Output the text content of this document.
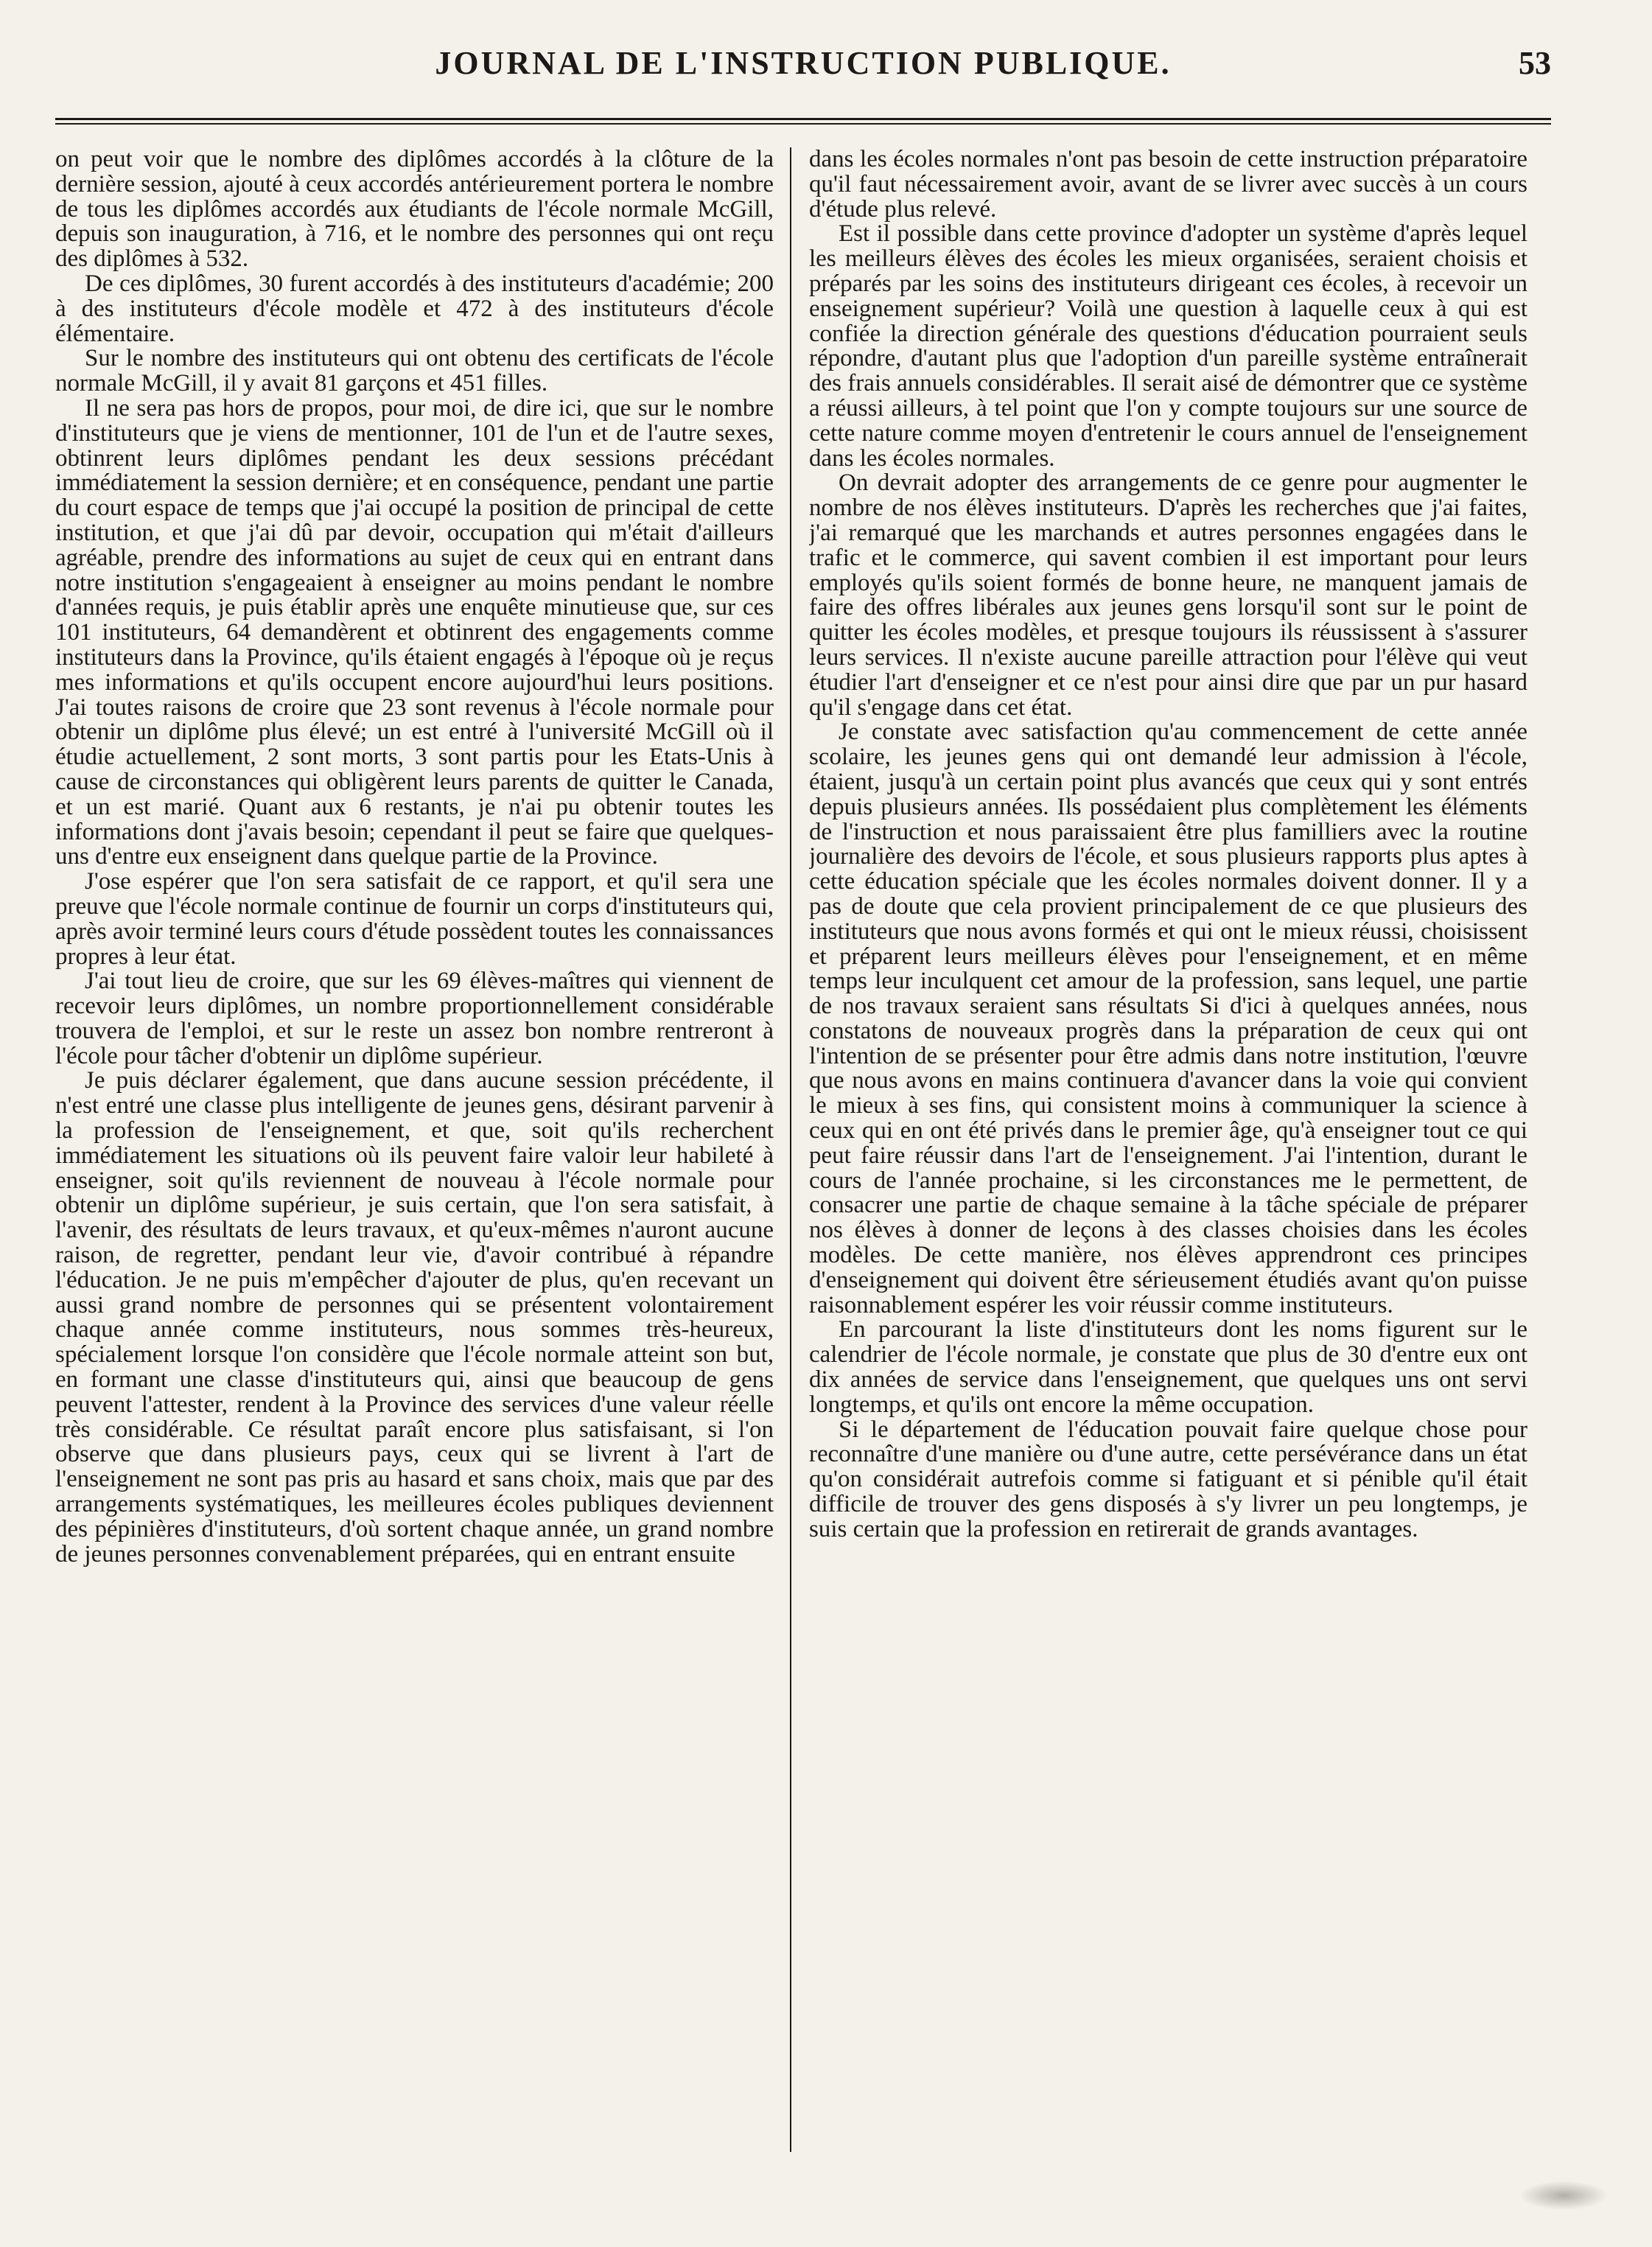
JOURNAL DE L'INSTRUCTION PUBLIQUE.	53

on peut voir que le nombre des diplômes accordés à la clôture de la dernière session, ajouté à ceux accordés antérieurement portera le nombre de tous les diplômes accordés aux étudiants de l'école normale McGill, depuis son inauguration, à 716, et le nombre des personnes qui ont reçu des diplômes à 532.

De ces diplômes, 30 furent accordés à des instituteurs d'académie; 200 à des instituteurs d'école modèle et 472 à des instituteurs d'école élémentaire.

Sur le nombre des instituteurs qui ont obtenu des certificats de l'école normale McGill, il y avait 81 garçons et 451 filles.

Il ne sera pas hors de propos, pour moi, de dire ici, que sur le nombre d'instituteurs que je viens de mentionner, 101 de l'un et de l'autre sexes, obtinrent leurs diplômes pendant les deux sessions précédant immédiatement la session dernière; et en conséquence, pendant une partie du court espace de temps que j'ai occupé la position de principal de cette institution, et que j'ai dû par devoir, occupation qui m'était d'ailleurs agréable, prendre des informations au sujet de ceux qui en entrant dans notre institution s'engageaient à enseigner au moins pendant le nombre d'années requis, je puis établir après une enquête minutieuse que, sur ces 101 instituteurs, 64 demandèrent et obtinrent des engagements comme instituteurs dans la Province, qu'ils étaient engagés à l'époque où je reçus mes informations et qu'ils occupent encore aujourd'hui leurs positions. J'ai toutes raisons de croire que 23 sont revenus à l'école normale pour obtenir un diplôme plus élevé; un est entré à l'université McGill où il étudie actuellement, 2 sont morts, 3 sont partis pour les Etats-Unis à cause de circonstances qui obligèrent leurs parents de quitter le Canada, et un est marié. Quant aux 6 restants, je n'ai pu obtenir toutes les informations dont j'avais besoin; cependant il peut se faire que quelques-uns d'entre eux enseignent dans quelque partie de la Province.

J'ose espérer que l'on sera satisfait de ce rapport, et qu'il sera une preuve que l'école normale continue de fournir un corps d'instituteurs qui, après avoir terminé leurs cours d'étude possèdent toutes les connaissances propres à leur état.

J'ai tout lieu de croire, que sur les 69 élèves-maîtres qui viennent de recevoir leurs diplômes, un nombre proportionnellement considérable trouvera de l'emploi, et sur le reste un assez bon nombre rentreront à l'école pour tâcher d'obtenir un diplôme supérieur.

Je puis déclarer également, que dans aucune session précédente, il n'est entré une classe plus intelligente de jeunes gens, désirant parvenir à la profession de l'enseignement, et que, soit qu'ils recherchent immédiatement les situations où ils peuvent faire valoir leur habileté à enseigner, soit qu'ils reviennent de nouveau à l'école normale pour obtenir un diplôme supérieur, je suis certain, que l'on sera satisfait, à l'avenir, des résultats de leurs travaux, et qu'eux-mêmes n'auront aucune raison, de regretter, pendant leur vie, d'avoir contribué à répandre l'éducation. Je ne puis m'empêcher d'ajouter de plus, qu'en recevant un aussi grand nombre de personnes qui se présentent volontairement chaque année comme instituteurs, nous sommes très-heureux, spécialement lorsque l'on considère que l'école normale atteint son but, en formant une classe d'instituteurs qui, ainsi que beaucoup de gens peuvent l'attester, rendent à la Province des services d'une valeur réelle très considérable. Ce résultat paraît encore plus satisfaisant, si l'on observe que dans plusieurs pays, ceux qui se livrent à l'art de l'enseignement ne sont pas pris au hasard et sans choix, mais que par des arrangements systématiques, les meilleures écoles publiques deviennent des pépinières d'instituteurs, d'où sortent chaque année, un grand nombre de jeunes personnes convenablement préparées, qui en entrant ensuite

dans les écoles normales n'ont pas besoin de cette instruction préparatoire qu'il faut nécessairement avoir, avant de se livrer avec succès à un cours d'étude plus relevé.

Est il possible dans cette province d'adopter un système d'après lequel les meilleurs élèves des écoles les mieux organisées, seraient choisis et préparés par les soins des instituteurs dirigeant ces écoles, à recevoir un enseignement supérieur? Voilà une question à laquelle ceux à qui est confiée la direction générale des questions d'éducation pourraient seuls répondre, d'autant plus que l'adoption d'un pareille système entraînerait des frais annuels considérables. Il serait aisé de démontrer que ce système a réussi ailleurs, à tel point que l'on y compte toujours sur une source de cette nature comme moyen d'entretenir le cours annuel de l'enseignement dans les écoles normales.

On devrait adopter des arrangements de ce genre pour augmenter le nombre de nos élèves instituteurs. D'après les recherches que j'ai faites, j'ai remarqué que les marchands et autres personnes engagées dans le trafic et le commerce, qui savent combien il est important pour leurs employés qu'ils soient formés de bonne heure, ne manquent jamais de faire des offres libérales aux jeunes gens lorsqu'il sont sur le point de quitter les écoles modèles, et presque toujours ils réussissent à s'assurer leurs services. Il n'existe aucune pareille attraction pour l'élève qui veut étudier l'art d'enseigner et ce n'est pour ainsi dire que par un pur hasard qu'il s'engage dans cet état.

Je constate avec satisfaction qu'au commencement de cette année scolaire, les jeunes gens qui ont demandé leur admission à l'école, étaient, jusqu'à un certain point plus avancés que ceux qui y sont entrés depuis plusieurs années. Ils possédaient plus complètement les éléments de l'instruction et nous paraissaient être plus familliers avec la routine journalière des devoirs de l'école, et sous plusieurs rapports plus aptes à cette éducation spéciale que les écoles normales doivent donner. Il y a pas de doute que cela provient principalement de ce que plusieurs des instituteurs que nous avons formés et qui ont le mieux réussi, choisissent et préparent leurs meilleurs élèves pour l'enseignement, et en même temps leur inculquent cet amour de la profession, sans lequel, une partie de nos travaux seraient sans résultats Si d'ici à quelques années, nous constatons de nouveaux progrès dans la préparation de ceux qui ont l'intention de se présenter pour être admis dans notre institution, l'œuvre que nous avons en mains continuera d'avancer dans la voie qui convient le mieux à ses fins, qui consistent moins à communiquer la science à ceux qui en ont été privés dans le premier âge, qu'à enseigner tout ce qui peut faire réussir dans l'art de l'enseignement. J'ai l'intention, durant le cours de l'année prochaine, si les circonstances me le permettent, de consacrer une partie de chaque semaine à la tâche spéciale de préparer nos élèves à donner de leçons à des classes choisies dans les écoles modèles. De cette manière, nos élèves apprendront ces principes d'enseignement qui doivent être sérieusement étudiés avant qu'on puisse raisonnablement espérer les voir réussir comme instituteurs.

En parcourant la liste d'instituteurs dont les noms figurent sur le calendrier de l'école normale, je constate que plus de 30 d'entre eux ont dix années de service dans l'enseignement, que quelques uns ont servi longtemps, et qu'ils ont encore la même occupation.

Si le département de l'éducation pouvait faire quelque chose pour reconnaître d'une manière ou d'une autre, cette persévérance dans un état qu'on considérait autrefois comme si fatiguant et si pénible qu'il était difficile de trouver des gens disposés à s'y livrer un peu longtemps, je suis certain que la profession en retirerait de grands avantages.
